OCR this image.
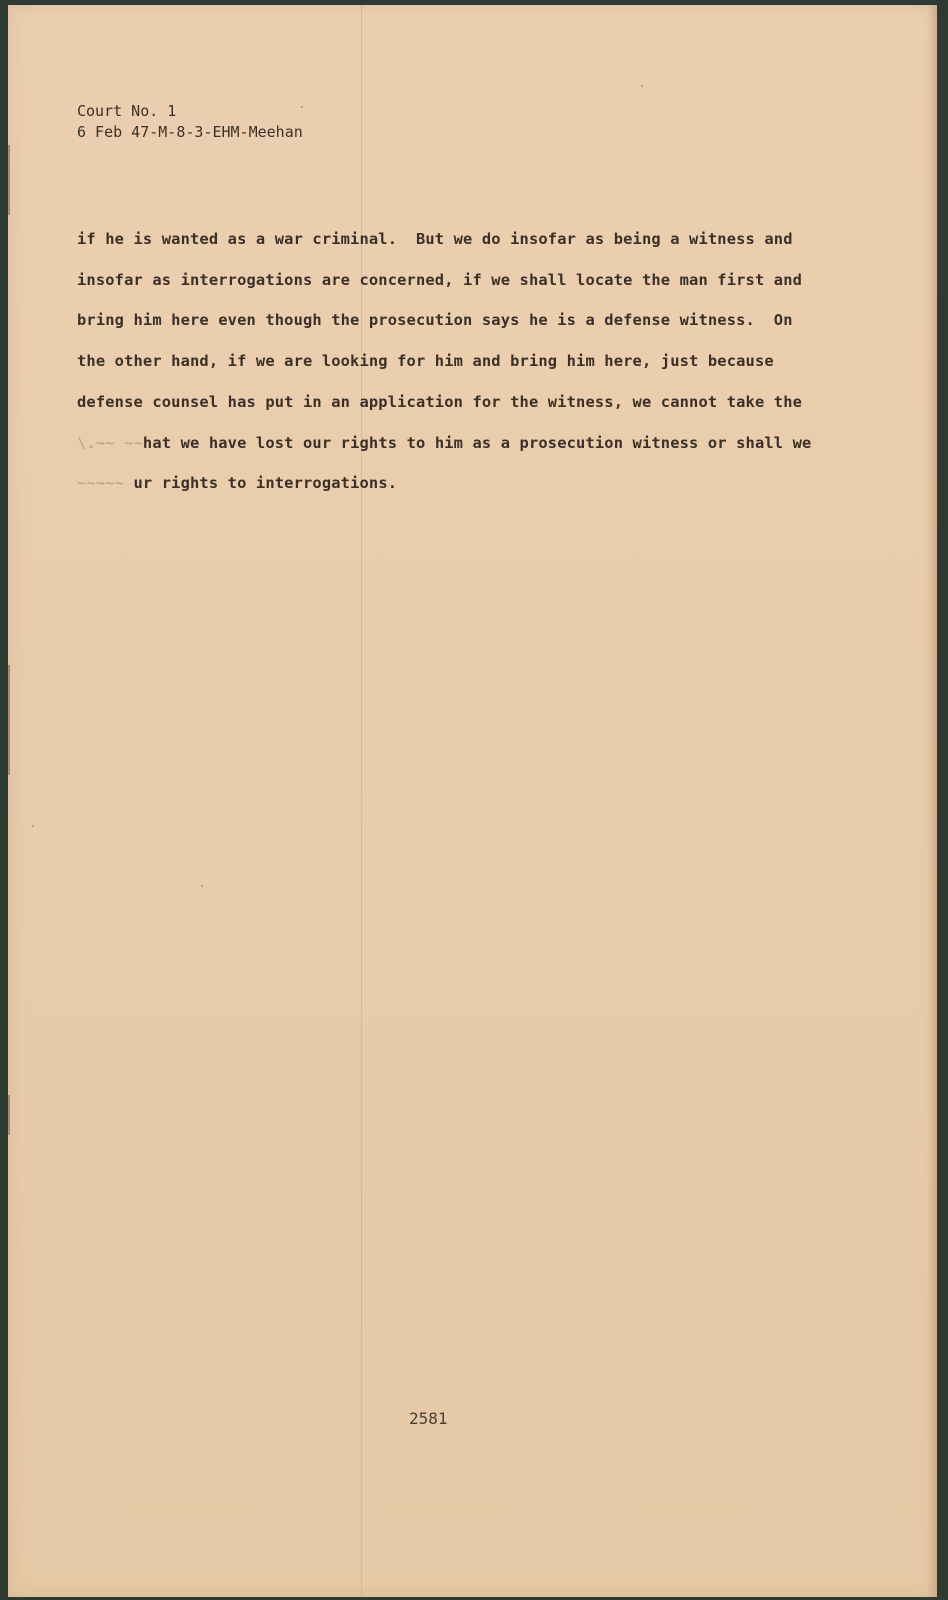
Court No. 1
6 Feb 47-M-8-3-EHM-Meehan
if he is wanted as a war criminal.  But we do insofar as being a witness and
insofar as interrogations are concerned, if we shall locate the man first and
bring him here even though the prosecution says he is a defense witness.  On
the other hand, if we are looking for him and bring him here, just because
defense counsel has put in an application for the witness, we cannot take the
\.~~ ~~hat we have lost our rights to him as a prosecution witness or shall we
~~~~~ ur rights to interrogations.
2581
